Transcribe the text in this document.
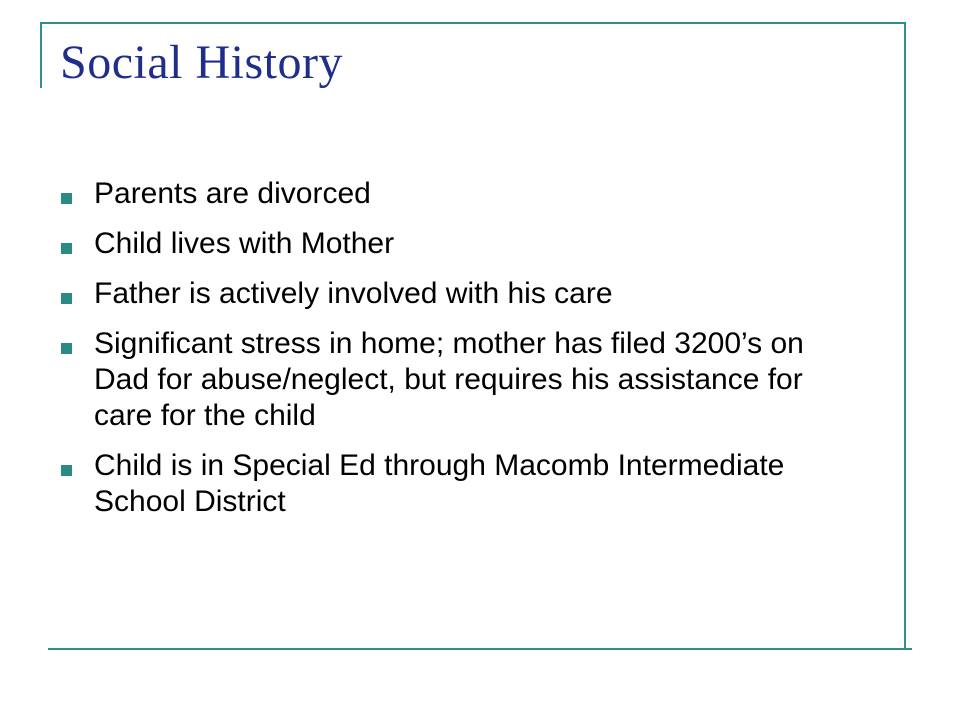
Social History
Parents are divorced
Child lives with Mother
Father is actively involved with his care
Significant stress in home; mother has filed 3200’s on Dad for abuse/neglect, but requires his assistance for care for the child
Child is in Special Ed through Macomb Intermediate School District
